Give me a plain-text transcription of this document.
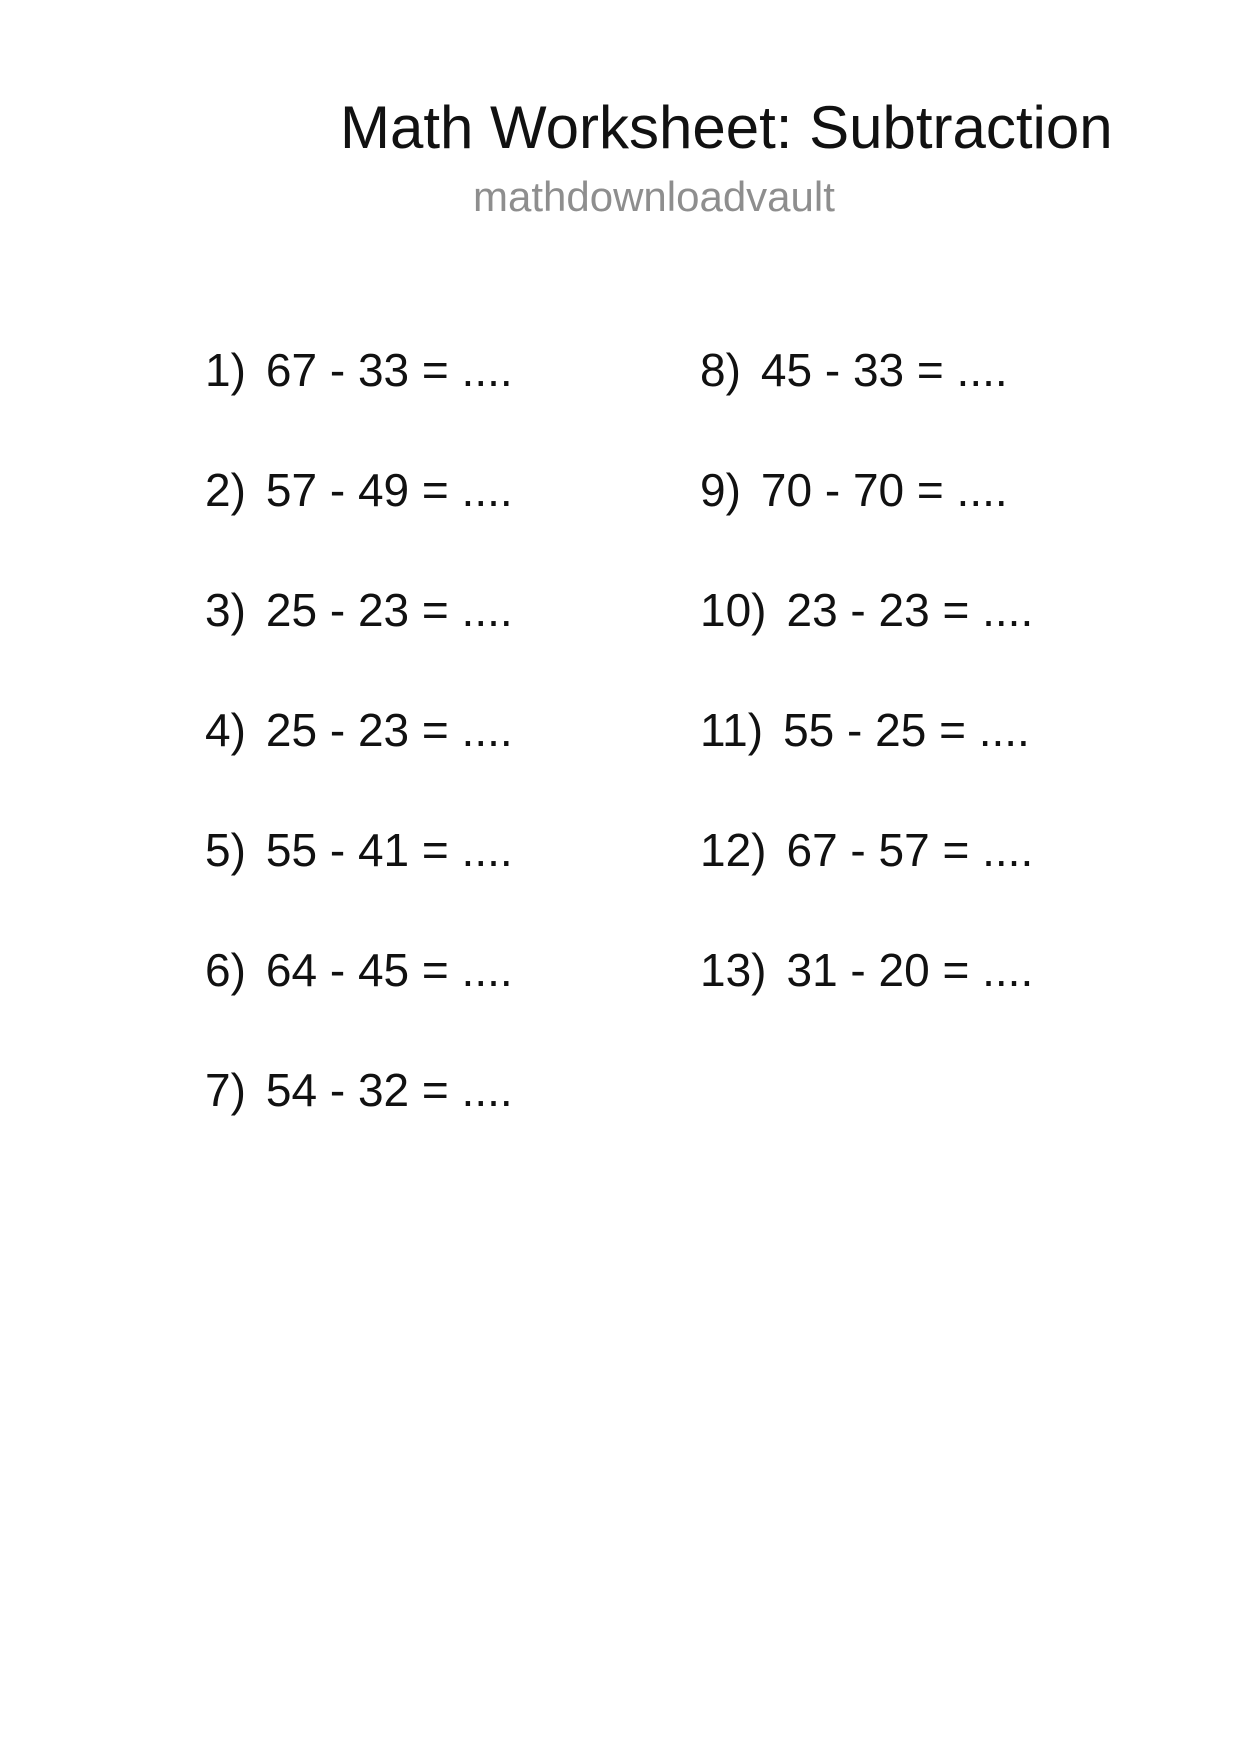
Math Worksheet: Subtraction
mathdownloadvault
1) 67 - 33 = ....
2) 57 - 49 = ....
3) 25 - 23 = ....
4) 25 - 23 = ....
5) 55 - 41 = ....
6) 64 - 45 = ....
7) 54 - 32 = ....
8) 45 - 33 = ....
9) 70 - 70 = ....
10) 23 - 23 = ....
11) 55 - 25 = ....
12) 67 - 57 = ....
13) 31 - 20 = ....
